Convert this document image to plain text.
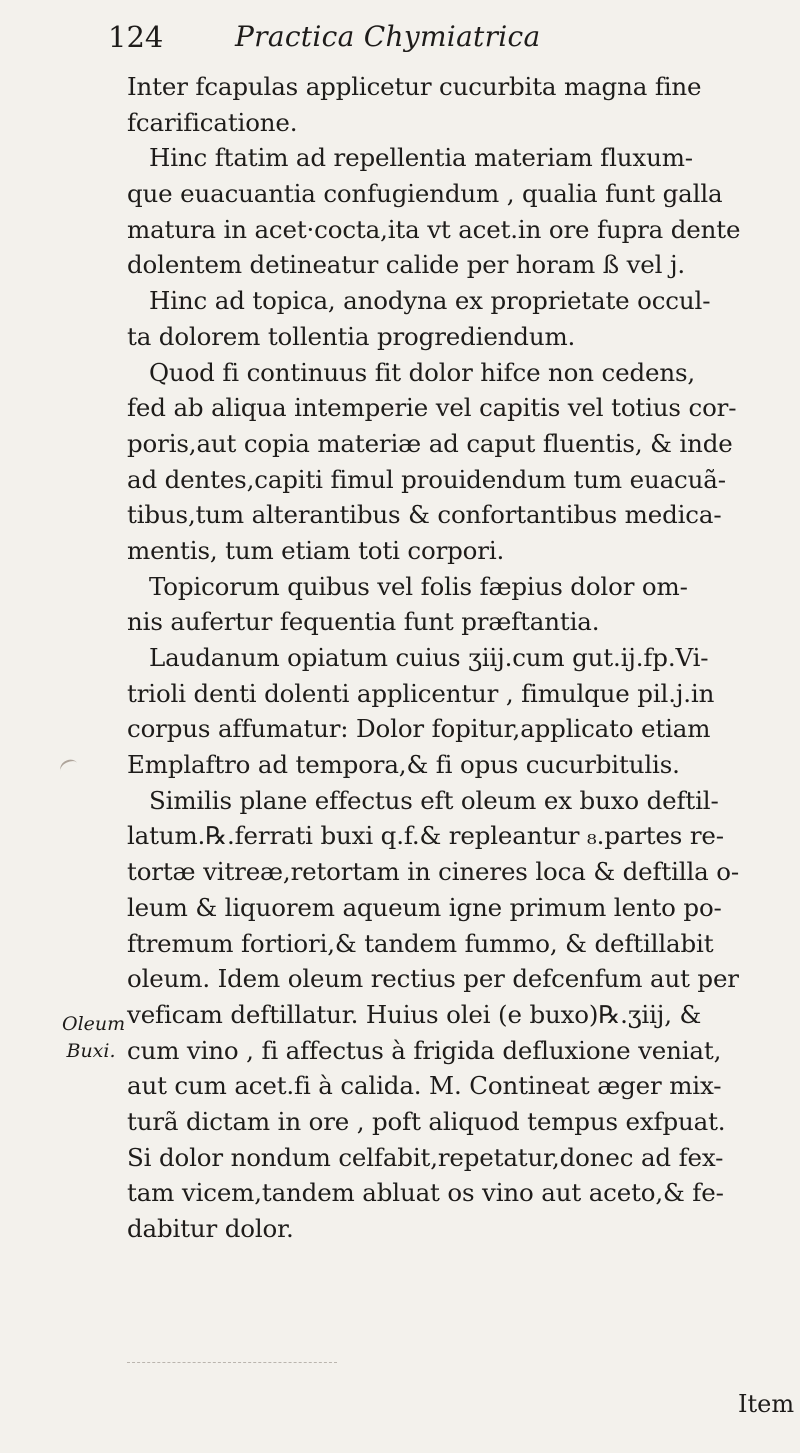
124	Practica Chymiatrica
Inter fcapulas applicetur cucurbita magna fine
fcarificatione.
Hinc ftatim ad repellentia materiam fluxum-
que euacuantia confugiendum , qualia funt galla
matura in acet·cocta,ita vt acet.in ore fupra dente
dolentem detineatur calide per horam ß vel j.
Hinc ad topica, anodyna ex proprietate occul-
ta dolorem tollentia progrediendum.
Quod fi continuus fit dolor hifce non cedens,
fed ab aliqua intemperie vel capitis vel totius cor-
poris,aut copia materiæ ad caput fluentis, & inde
ad dentes,capiti fimul prouidendum tum euacuã-
tibus,tum alterantibus & confortantibus medica-
mentis, tum etiam toti corpori.
Topicorum quibus vel folis fæpius dolor om-
nis aufertur fequentia funt præftantia.
Laudanum opiatum cuius ʒiij.cum gut.ij.fp.Vi-
trioli denti dolenti applicentur , fimulque pil.j.in
corpus affumatur: Dolor fopitur,applicato etiam
Emplaftro ad tempora,& fi opus cucurbitulis.
Similis plane effectus eft oleum ex buxo deftil-
latum.℞.ferrati buxi q.f.& repleantur ₈.partes re-
tortæ vitreæ,retortam in cineres loca & deftilla o-
leum & liquorem aqueum igne primum lento po-
ftremum fortiori,& tandem fummo, & deftillabit
oleum. Idem oleum rectius per defcenfum aut per
veficam deftillatur. Huius olei (e buxo)℞.ʒiij, &
cum vino , fi affectus à frigida defluxione veniat,
aut cum acet.fi à calida. M. Contineat æger mix-
turã dictam in ore , poft aliquod tempus exfpuat.
Si dolor nondum celfabit,repetatur,donec ad fex-
tam vicem,tandem abluat os vino aut aceto,& fe-
dabitur dolor.
Oleum
Buxi.
Item
